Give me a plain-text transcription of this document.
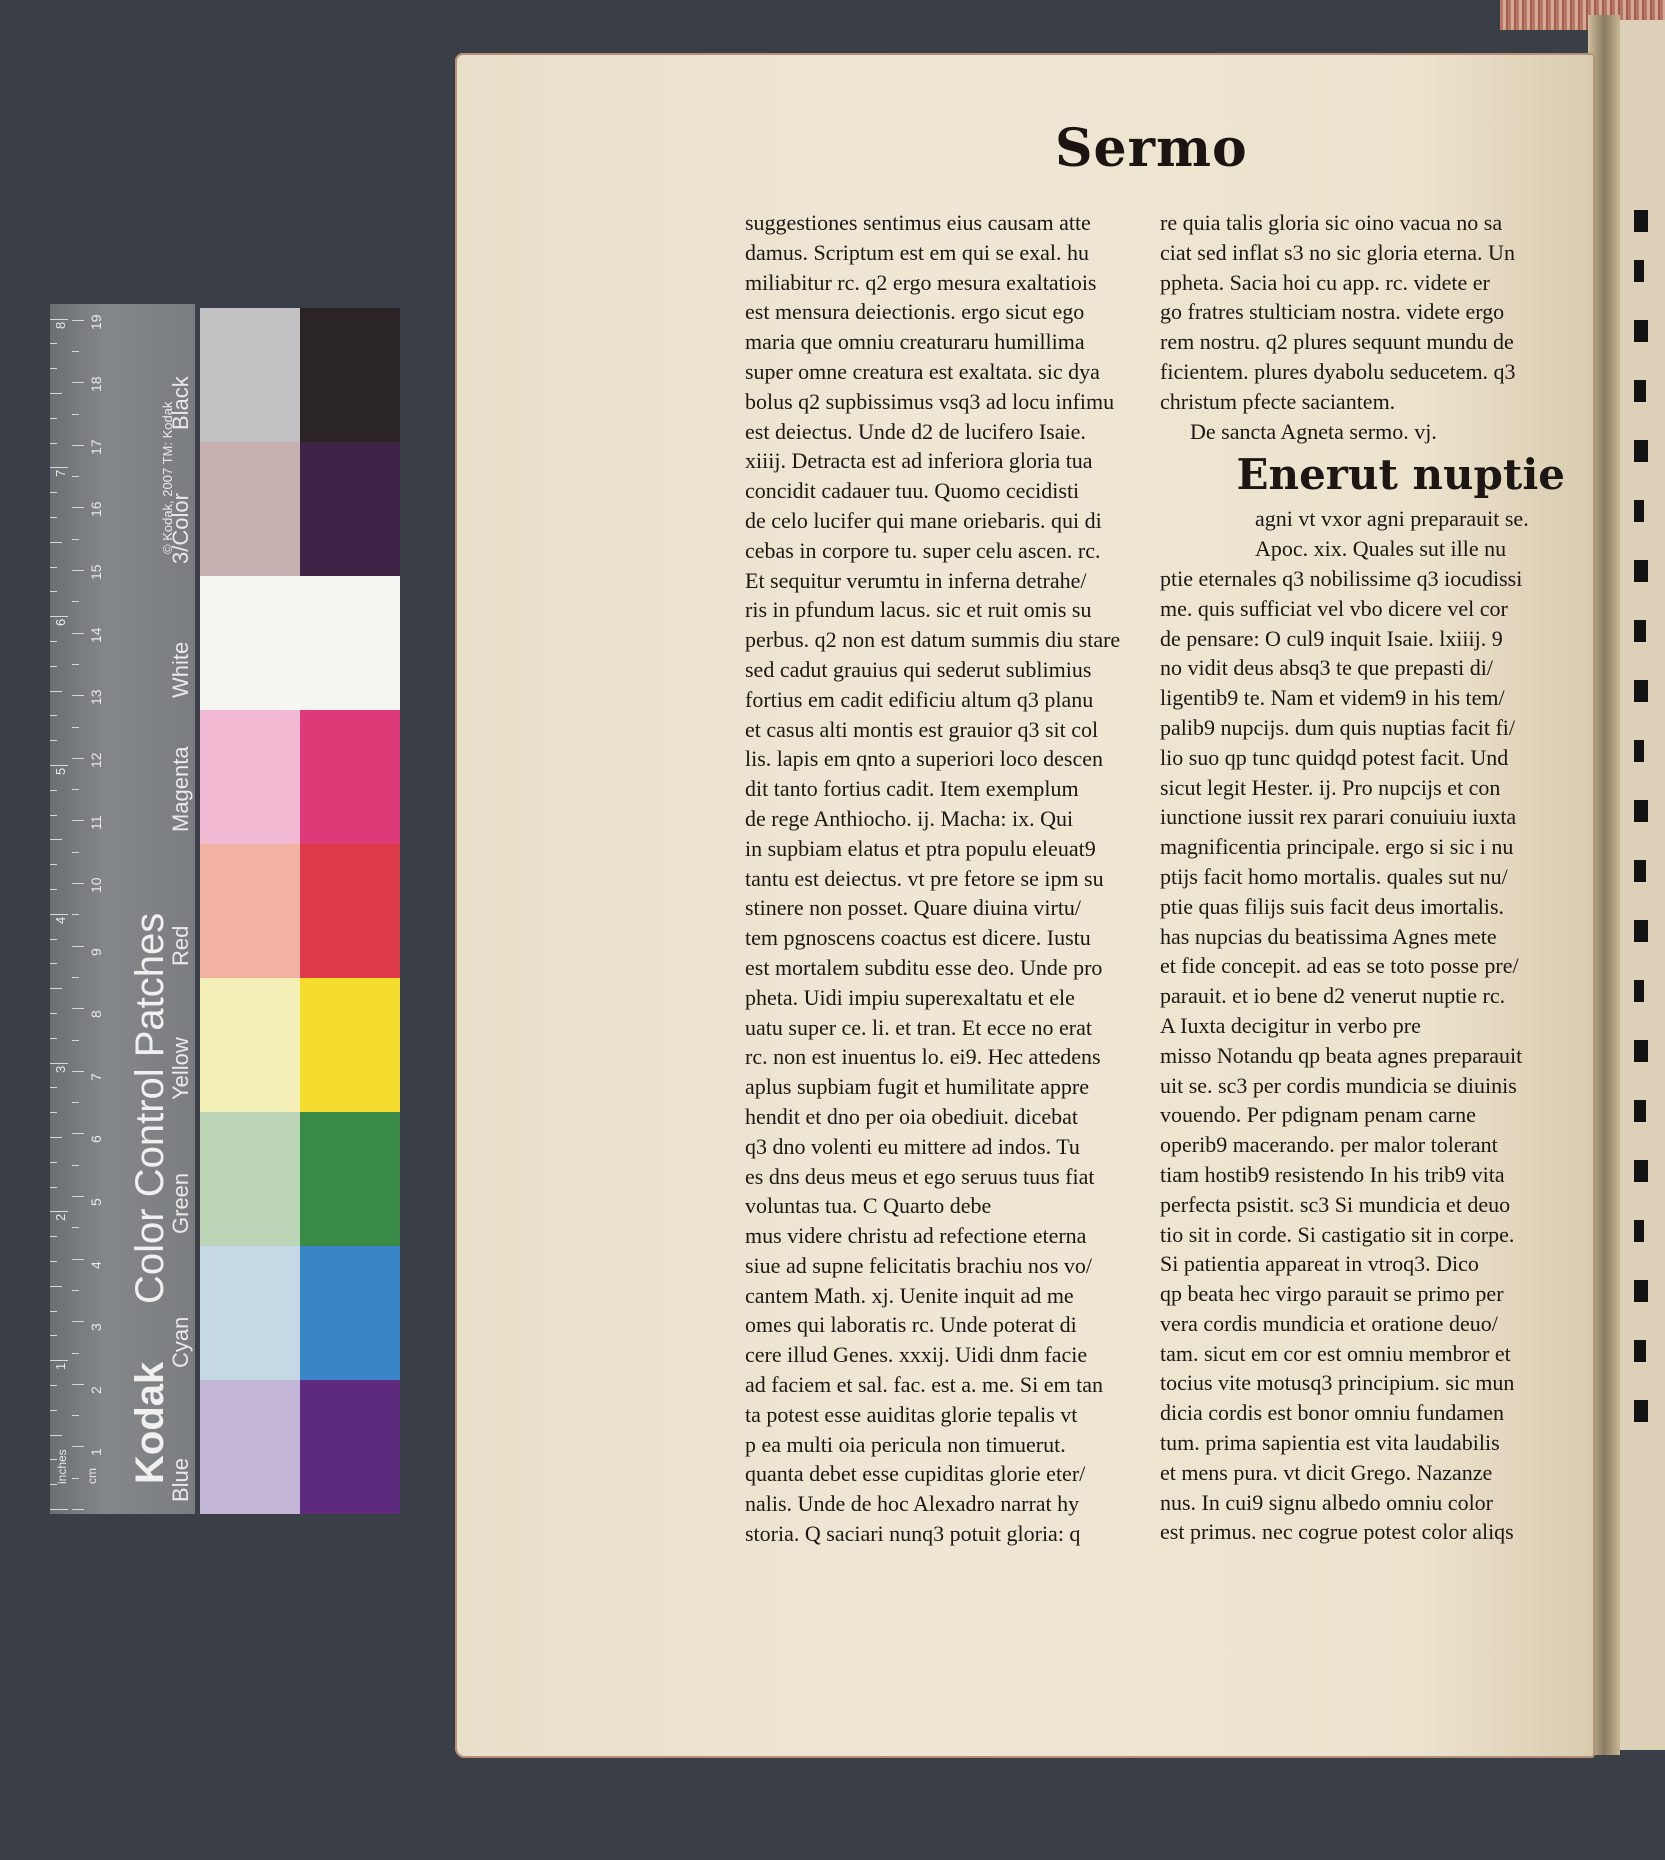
1
2
3
4
5
6
7
8
1
2
3
4
5
6
7
8
9
10
11
12
13
14
15
16
17
18
19
inches cm Kodak
Color Control Patches
© Kodak, 2007 TM: Kodak
Blue
Cyan
Green
Yellow
Red
Magenta
White
3/Color
Black
Sermo
suggestiones sentimus eius causam atte
damus. Scriptum est em qui se exal. hu
miliabitur rc. q2 ergo mesura exaltatiois
est mensura deiectionis. ergo sicut ego
maria que omniu creaturaru humillima
super omne creatura est exaltata. sic dya
bolus q2 supbissimus vsq3 ad locu infimu
est deiectus. Unde d2 de lucifero Isaie.
xiiij. Detracta est ad inferiora gloria tua
concidit cadauer tuu. Quomo cecidisti
de celo lucifer qui mane oriebaris. qui di
cebas in corpore tu. super celu ascen. rc.
Et sequitur verumtu in inferna detrahe/
ris in pfundum lacus. sic et ruit omis su
perbus. q2 non est datum summis diu stare
sed cadut grauius qui sederut sublimius
fortius em cadit edificiu altum q3 planu
et casus alti montis est grauior q3 sit col
lis. lapis em qnto a superiori loco descen
dit tanto fortius cadit. Item exemplum
de rege Anthiocho. ij. Macha: ix. Qui
in supbiam elatus et ptra populu eleuat9
tantu est deiectus. vt pre fetore se ipm su
stinere non posset. Quare diuina virtu/
tem pgnoscens coactus est dicere. Iustu
est mortalem subditu esse deo. Unde pro
pheta. Uidi impiu superexaltatu et ele
uatu super ce. li. et tran. Et ecce no erat
rc. non est inuentus lo. ei9. Hec attedens
aplus supbiam fugit et humilitate appre
hendit et dno per oia obediuit. dicebat
q3 dno volenti eu mittere ad indos. Tu
es dns deus meus et ego seruus tuus fiat
voluntas tua. C Quarto debe
mus videre christu ad refectione eterna
siue ad supne felicitatis brachiu nos vo/
cantem Math. xj. Uenite inquit ad me
omes qui laboratis rc. Unde poterat di
cere illud Genes. xxxij. Uidi dnm facie
ad faciem et sal. fac. est a. me. Si em tan
ta potest esse auiditas glorie tepalis vt
p ea multi oia pericula non timuerut.
quanta debet esse cupiditas glorie eter/
nalis. Unde de hoc Alexadro narrat hy
storia. Q saciari nunq3 potuit gloria: q
re quia talis gloria sic oino vacua no sa
ciat sed inflat s3 no sic gloria eterna. Un
ppheta. Sacia hoi cu app. rc. videte er
go fratres stulticiam nostra. videte ergo
rem nostru. q2 plures sequunt mundu de
ficientem. plures dyabolu seducetem. q3
christum pfecte saciantem.
De sancta Agneta sermo. vj.
Enerut nuptie
agni vt vxor agni preparauit se.
Apoc. xix. Quales sut ille nu
ptie eternales q3 nobilissime q3 iocudissi
me. quis sufficiat vel vbo dicere vel cor
de pensare: O cul9 inquit Isaie. lxiiij. 9
no vidit deus absq3 te que prepasti di/
ligentib9 te. Nam et videm9 in his tem/
palib9 nupcijs. dum quis nuptias facit fi/
lio suo qp tunc quidqd potest facit. Und
sicut legit Hester. ij. Pro nupcijs et con
iunctione iussit rex parari conuiuiu iuxta
magnificentia principale. ergo si sic i nu
ptijs facit homo mortalis. quales sut nu/
ptie quas filijs suis facit deus imortalis.
has nupcias du beatissima Agnes mete
et fide concepit. ad eas se toto posse pre/
parauit. et io bene d2 venerut nuptie rc.
A Iuxta decigitur in verbo pre
misso Notandu qp beata agnes preparauit
uit se. sc3 per cordis mundicia se diuinis
vouendo. Per pdignam penam carne
operib9 macerando. per malor tolerant
tiam hostib9 resistendo In his trib9 vita
perfecta psistit. sc3 Si mundicia et deuo
tio sit in corde. Si castigatio sit in corpe.
Si patientia appareat in vtroq3. Dico
qp beata hec virgo parauit se primo per
vera cordis mundicia et oratione deuo/
tam. sicut em cor est omniu membror et
tocius vite motusq3 principium. sic mun
dicia cordis est bonor omniu fundamen
tum. prima sapientia est vita laudabilis
et mens pura. vt dicit Grego. Nazanze
nus. In cui9 signu albedo omniu color
est primus. nec cogrue potest color aliqs
